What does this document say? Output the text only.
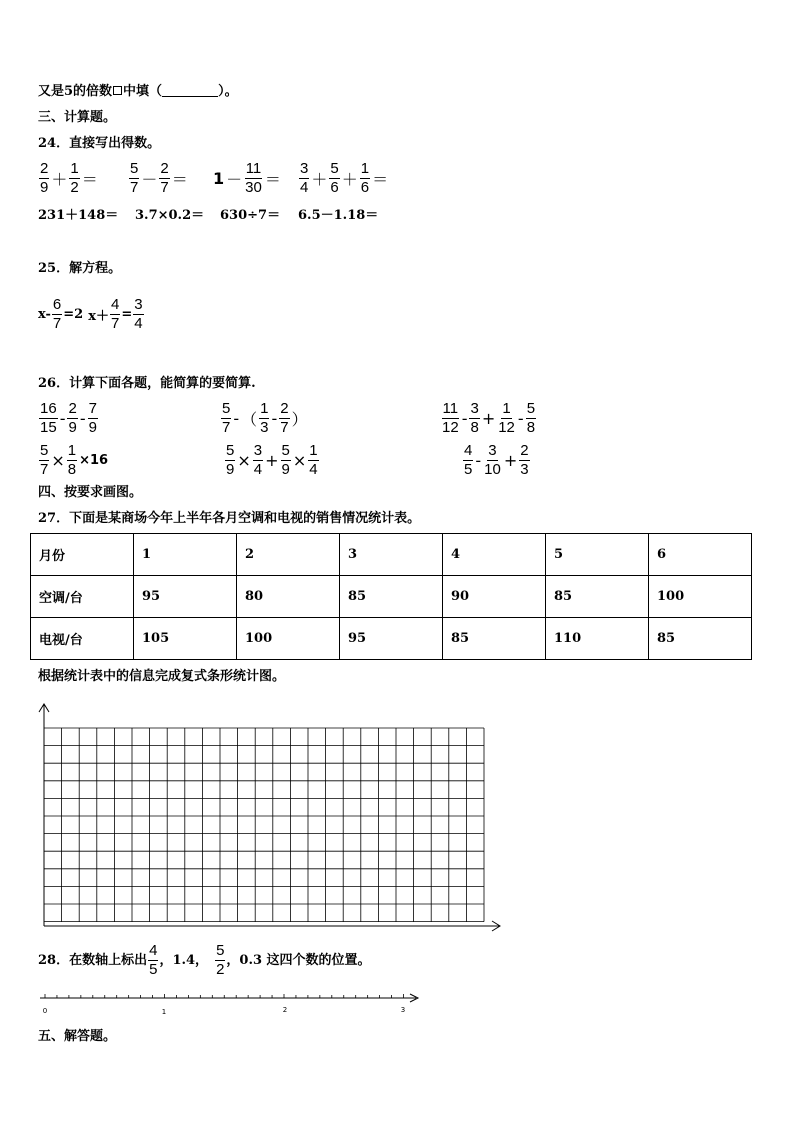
又是5的倍数 中填（	）。
三、计算题。
24．直接写出得数。
$\frac{2}{9} + \frac{1}{2} = \frac{5}{7} - \frac{2}{7} = 1 - \frac{11}{30} = \frac{3}{4} + \frac{5}{6} + \frac{1}{6}$ ＝
231＋148＝ 3.7×0.2＝ 630÷7＝ 6.5－1.18＝
25．解方程。
$x- \frac{6}{7} =2$ $x+ \frac{4}{7} = \frac{3}{4}$
26．计算下面各题，能简算的要简算.
$\frac{16}{15} - \frac{2}{9} - \frac{7}{9}$	$\frac{5}{7}$ - （ $\frac{1}{3} - \frac{2}{7}$ ）	$\frac{11}{12} - \frac{3}{8} + \frac{1}{12} - \frac{5}{8}$
$\frac{5}{7} \times \frac{1}{8} \times 16$	$\frac{5}{9} \times \frac{3}{4} + \frac{5}{9} \times \frac{1}{4}$	$\frac{4}{5} - \frac{3}{10} + \frac{2}{3}$
四、按要求画图。
27．下面是某商场今年上半年各月空调和电视的销售情况统计表。
月份	1	2	3	4	5	6
空调/台	95	80	85	90	85	100
电视/台	105	100	95	85	110	85
根据统计表中的信息完成复式条形统计图。
28．在数轴上标出 $\frac{4}{5}$ ，1.4， $\frac{5}{2}$ ，0.3 这四个数的位置。
0	1	2	3
五、解答题。
